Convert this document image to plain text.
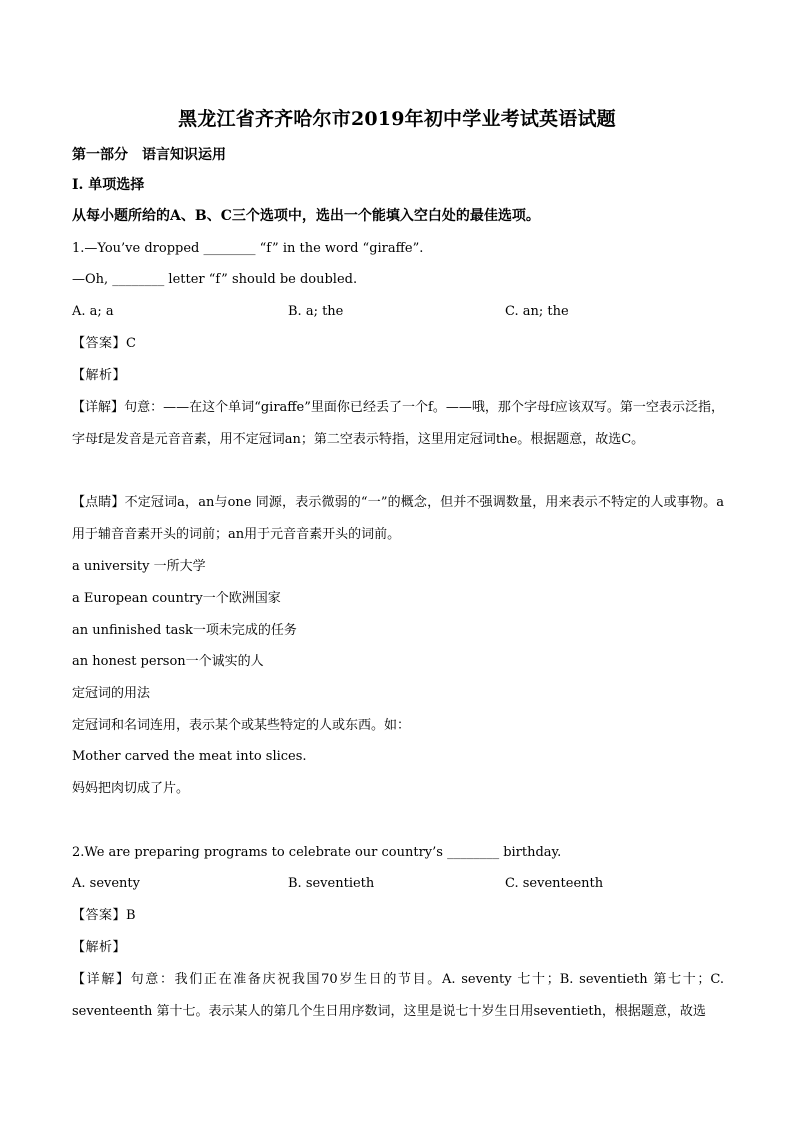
黑龙江省齐齐哈尔市2019年初中学业考试英语试题
第一部分　语言知识运用
Ⅰ. 单项选择
从每小题所给的A、B、C三个选项中，选出一个能填入空白处的最佳选项。
1.—You’ve dropped ________ “f” in the word “giraffe”.
—Oh, ________ letter “f” should be doubled.
A. a; a	B. a; the	C. an; the
【答案】C
【解析】

【详解】句意：——在这个单词“giraffe”里面你已经丢了一个f。——哦，那个字母f应该双写。第一空表示泛指，字母f是发音是元音音素，用不定冠词an；第二空表示特指，这里用定冠词the。根据题意，故选C。

【点睛】不定冠词a，an与one 同源，表示微弱的“一”的概念，但并不强调数量，用来表示不特定的人或事物。a用于辅音音素开头的词前；an用于元音音素开头的词前。

a university 一所大学
a European country一个欧洲国家
an unfinished task一项未完成的任务
an honest person一个诚实的人
定冠词的用法
定冠词和名词连用，表示某个或某些特定的人或东西。如：
Mother carved the meat into slices.
妈妈把肉切成了片。
2.We are preparing programs to celebrate our country’s ________ birthday.
A. seventy	B. seventieth	C. seventeenth
【答案】B
【解析】

【详解】句意：我们正在准备庆祝我国70岁生日的节目。A. seventy 七十；B. seventieth 第七十；C. seventeenth 第十七。表示某人的第几个生日用序数词，这里是说七十岁生日用seventieth，根据题意，故选
